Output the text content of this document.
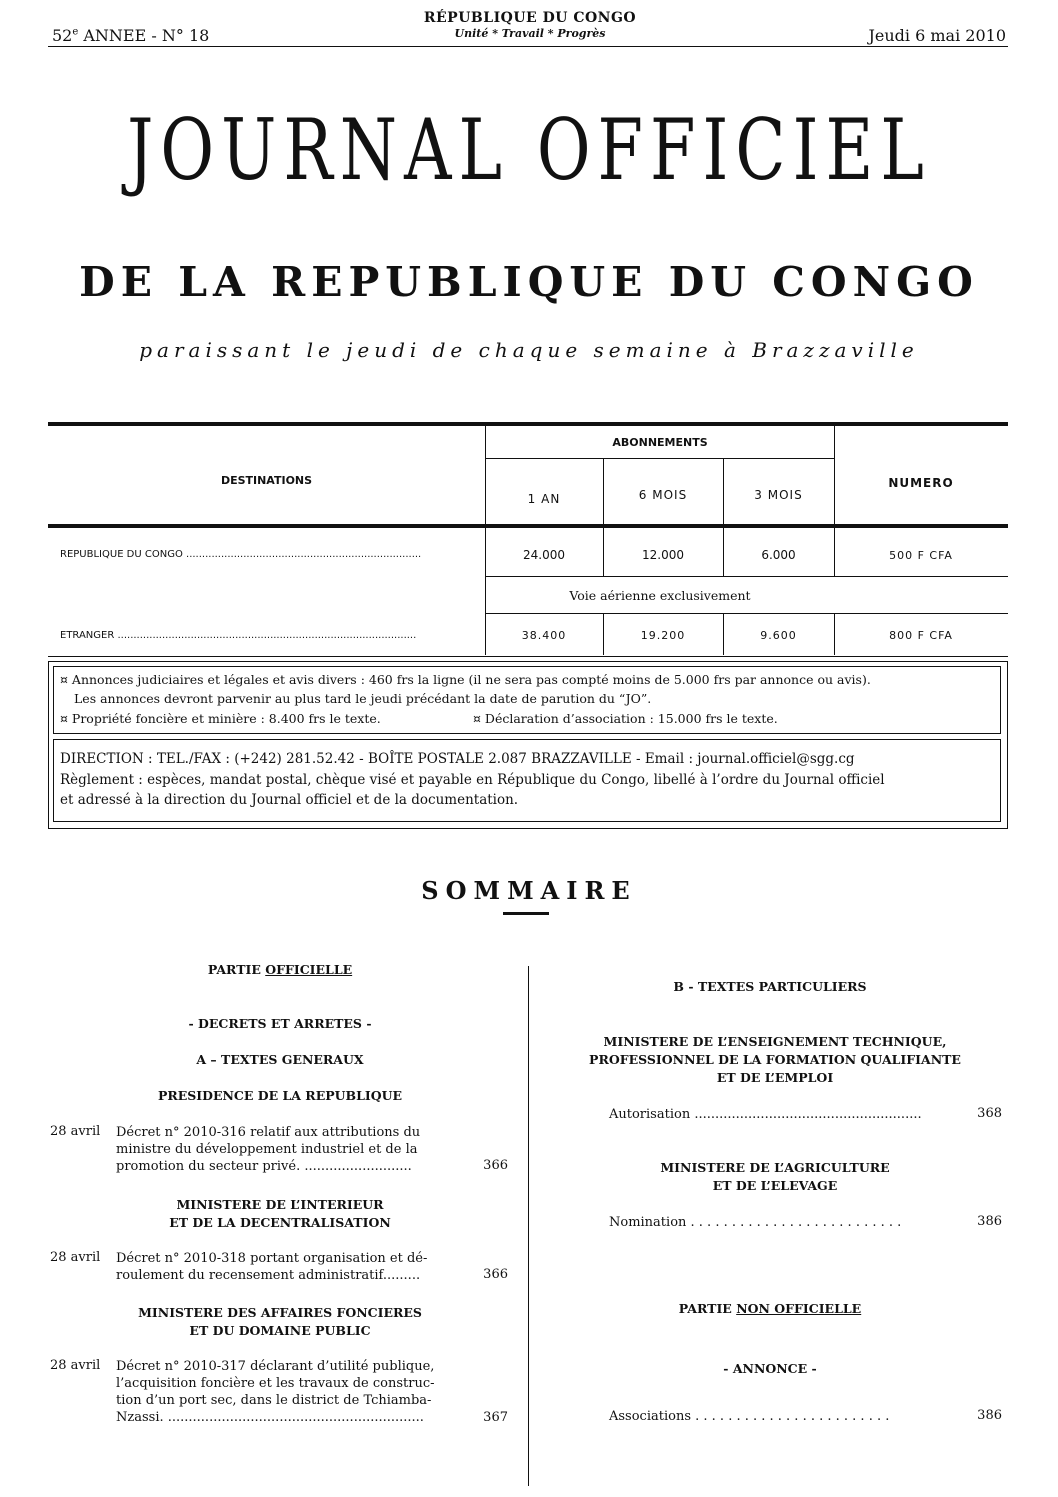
52e ANNEE - N° 18
RÉPUBLIQUE DU CONGO
Unité * Travail * Progrès	Jeudi 6 mai 2010
JOURNAL OFFICIEL
DE LA REPUBLIQUE DU CONGO
paraissant le jeudi de chaque semaine à Brazzaville
DESTINATIONS
ABONNEMENTS
1 AN	6 MOIS	3 MOIS
NUMERO
REPUBLIQUE DU CONGO ..........................................................................	24.000	12.000	6.000	500 F CFA
Voie aérienne exclusivement
ETRANGER ..............................................................................................	38.400	19.200	9.600	800 F CFA
¤ Annonces judiciaires et légales et avis divers : 460 frs la ligne (il ne sera pas compté moins de 5.000 frs par annonce ou avis).
Les annonces devront parvenir au plus tard le jeudi précédant la date de parution du “JO”.
¤ Propriété foncière et minière : 8.400 frs le texte.	¤ Déclaration d’association : 15.000 frs le texte.
DIRECTION : TEL./FAX : (+242) 281.52.42 - BOÎTE POSTALE 2.087 BRAZZAVILLE - Email : journal.officiel@sgg.cg
Règlement : espèces, mandat postal, chèque visé et payable en République du Congo, libellé à l’ordre du Journal officiel
et adressé à la direction du Journal officiel et de la documentation.
SOMMAIRE
PARTIE OFFICIELLE
- DECRETS ET ARRETES -
A – TEXTES GENERAUX
PRESIDENCE DE LA REPUBLIQUE
28 avril Décret n° 2010-316 relatif aux attributions du
ministre du développement industriel et de la
promotion du secteur privé. ..........................	366
MINISTERE DE L’INTERIEUR
ET DE LA DECENTRALISATION
28 avril Décret n° 2010-318 portant organisation et dé-
roulement du recensement administratif.........	366
MINISTERE DES AFFAIRES FONCIERES
ET DU DOMAINE PUBLIC
28 avril Décret n° 2010-317 déclarant d’utilité publique,
l’acquisition foncière et les travaux de construc-
tion d’un port sec, dans le district de Tchiamba-
Nzassi. ..............................................................	367
B - TEXTES PARTICULIERS
MINISTERE DE L’ENSEIGNEMENT TECHNIQUE,
PROFESSIONNEL DE LA FORMATION QUALIFIANTE
ET DE L’EMPLOI
Autorisation .......................................................	368
MINISTERE DE L’AGRICULTURE
ET DE L’ELEVAGE
Nomination . . . . . . . . . . . . . . . . . . . . . . . . . .	386
PARTIE NON OFFICIELLE
- ANNONCE -
Associations . . . . . . . . . . . . . . . . . . . . . . . .	386
